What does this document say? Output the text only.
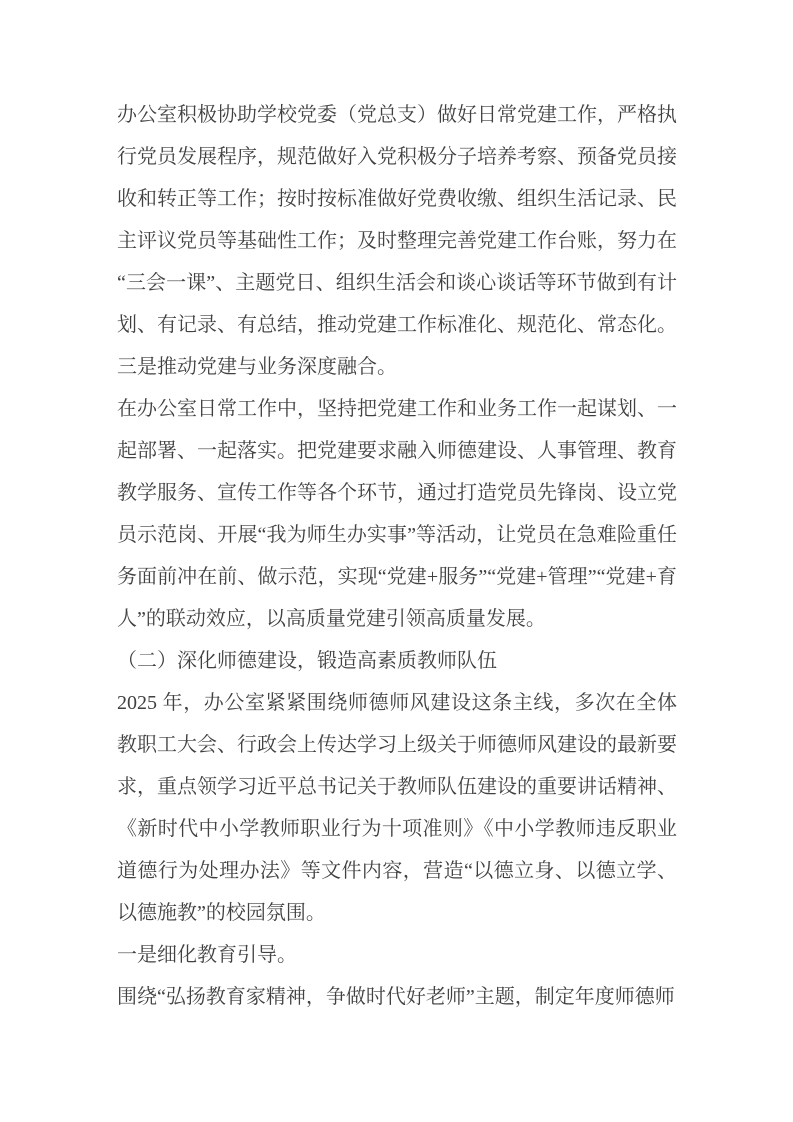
办公室积极协助学校党委（党总支）做好日常党建工作，严格执行党员发展程序，规范做好入党积极分子培养考察、预备党员接收和转正等工作；按时按标准做好党费收缴、组织生活记录、民主评议党员等基础性工作；及时整理完善党建工作台账，努力在“三会一课”、主题党日、组织生活会和谈心谈话等环节做到有计划、有记录、有总结，推动党建工作标准化、规范化、常态化。

三是推动党建与业务深度融合。

在办公室日常工作中，坚持把党建工作和业务工作一起谋划、一起部署、一起落实。把党建要求融入师德建设、人事管理、教育教学服务、宣传工作等各个环节，通过打造党员先锋岗、设立党员示范岗、开展“我为师生办实事”等活动，让党员在急难险重任务面前冲在前、做示范，实现“党建+服务”“党建+管理”“党建+育人”的联动效应，以高质量党建引领高质量发展。

（二）深化师德建设，锻造高素质教师队伍

2025 年，办公室紧紧围绕师德师风建设这条主线，多次在全体教职工大会、行政会上传达学习上级关于师德师风建设的最新要求，重点领学习近平总书记关于教师队伍建设的重要讲话精神、《新时代中小学教师职业行为十项准则》《中小学教师违反职业道德行为处理办法》等文件内容，营造“以德立身、以德立学、以德施教”的校园氛围。

一是细化教育引导。

围绕“弘扬教育家精神，争做时代好老师”主题，制定年度师德师
